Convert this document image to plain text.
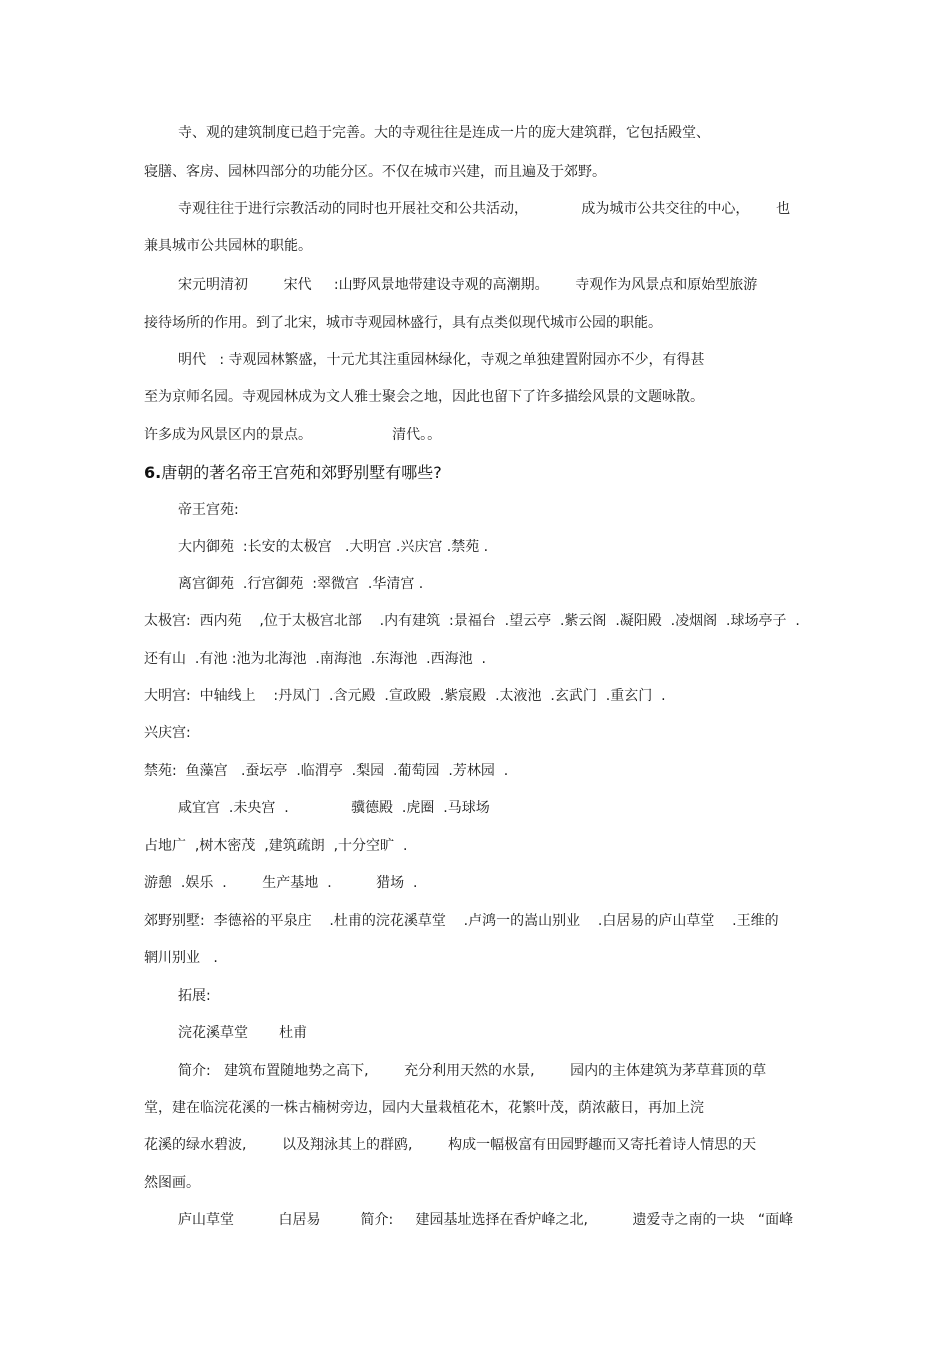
寺、观的建筑制度已趋于完善。大的寺观往往是连成一片的庞大建筑群，它包括殿堂、
寝膳、客房、园林四部分的功能分区。不仅在城市兴建，而且遍及于郊野。
寺观往往于进行宗教活动的同时也开展社交和公共活动，            成为城市公共交往的中心，      也
兼具城市公共园林的职能。
宋元明清初        宋代     :山野风景地带建设寺观的高潮期。      寺观作为风景点和原始型旅游
接待场所的作用。到了北宋，城市寺观园林盛行，具有点类似现代城市公园的职能。
明代   : 寺观园林繁盛，十元尤其注重园林绿化，寺观之单独建置附园亦不少，有得甚
至为京师名园。寺观园林成为文人雅士聚会之地，因此也留下了许多描绘风景的文题咏散。
许多成为风景区内的景点。                  清代。。
6.唐朝的著名帝王宫苑和郊野别墅有哪些?
帝王宫苑:
大内御苑  :长安的太极宫   .大明宫 .兴庆宫 .禁苑 .
离宫御苑  .行宫御苑  :翠微宫  .华清宫 .
太极宫:  西内苑    ,位于太极宫北部    .内有建筑  :景福台  .望云亭  .紫云阁  .凝阳殿  .凌烟阁  .球场亭子  .
还有山  .有池 :池为北海池  .南海池  .东海池  .西海池  .
大明宫:  中轴线上    :丹凤门  .含元殿  .宣政殿  .紫宸殿  .太液池  .玄武门  .重玄门  .
兴庆宫:
禁苑:  鱼藻宫   .蚕坛亭  .临渭亭  .梨园  .葡萄园  .芳林园  .
咸宜宫  .未央宫  .              骥德殿  .虎圈  .马球场
占地广  ,树木密茂  ,建筑疏朗  ,十分空旷  .
游憩  .娱乐  .        生产基地  .          猎场  .
郊野别墅:  李德裕的平泉庄    .杜甫的浣花溪草堂    .卢鸿一的嵩山别业    .白居易的庐山草堂    .王维的
辋川别业   .
拓展:
浣花溪草堂       杜甫
简介:   建筑布置随地势之高下,        充分利用天然的水景,        园内的主体建筑为茅草葺顶的草
堂，建在临浣花溪的一株古楠树旁边，园内大量栽植花木，花繁叶茂，荫浓蔽日，再加上浣
花溪的绿水碧波,        以及翔泳其上的群鸥,        构成一幅极富有田园野趣而又寄托着诗人情思的天
然图画。
庐山草堂          白居易         简介:     建园基址选择在香炉峰之北,          遗爱寺之南的一块   “面峰
